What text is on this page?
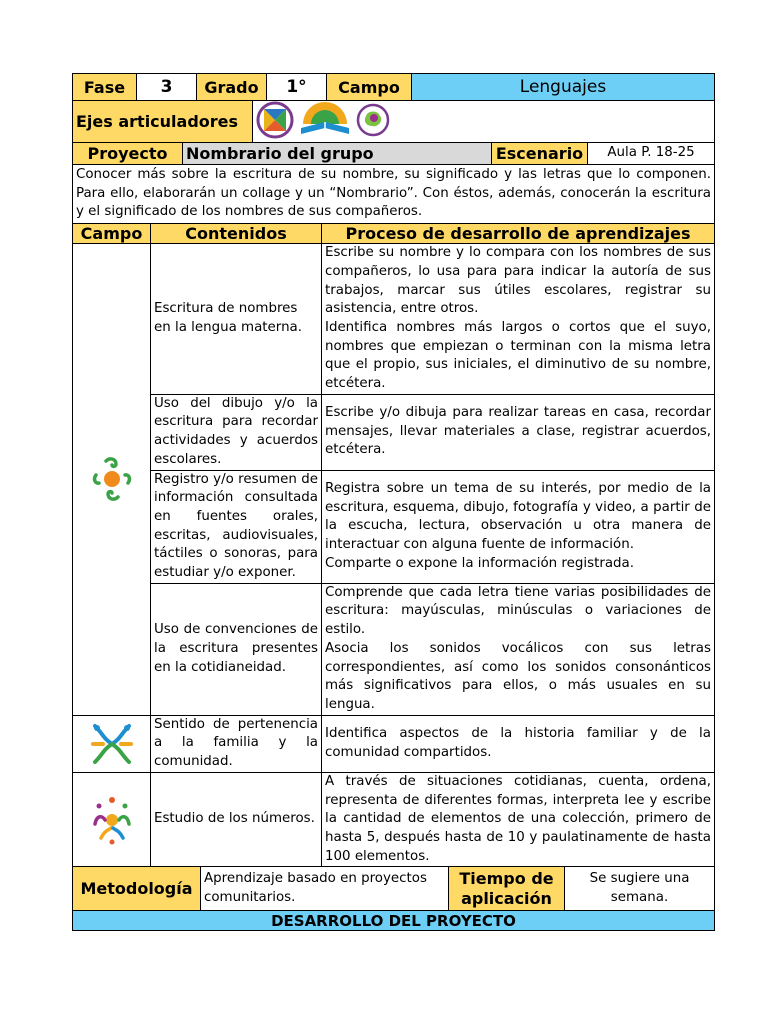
Fase	3	Grado	1°	Campo	Lenguajes
Ejes articuladores	
Proyecto	Nombrario del grupo	Escenario	Aula P. 18-25
Conocer más sobre la escritura de su nombre, su significado y las letras que lo componen. Para ello, elaborarán un collage y un “Nombrario”. Con éstos, además, conocerán la escritura y el significado de los nombres de sus compañeros.
Campo	Contenidos	Proceso de desarrollo de aprendizajes

	Escritura de nombres en la lengua materna.	Escribe su nombre y lo compara con los nombres de sus compañeros, lo usa para para indicar la autoría de sus trabajos, marcar sus útiles escolares, registrar su asistencia, entre otros.
Identifica nombres más largos o cortos que el suyo, nombres que empiezan o terminan con la misma letra que el propio, sus iniciales, el diminutivo de su nombre, etcétera.
	Uso del dibujo y/o la escritura para recordar actividades y acuerdos escolares.	Escribe y/o dibuja para realizar tareas en casa, recordar mensajes, llevar materiales a clase, registrar acuerdos, etcétera.
	Registro y/o resumen de información consultada en fuentes orales, escritas, audiovisuales, táctiles o sonoras, para estudiar y/o exponer.	Registra sobre un tema de su interés, por medio de la escritura, esquema, dibujo, fotografía y video, a partir de la escucha, lectura, observación u otra manera de interactuar con alguna fuente de información.
Comparte o expone la información registrada.
	Uso de convenciones de la escritura presentes en la cotidianeidad.	Comprende que cada letra tiene varias posibilidades de escritura: mayúsculas, minúsculas o variaciones de estilo.
Asocia los sonidos vocálicos con sus letras correspondientes, así como los sonidos consonánticos más significativos para ellos, o más usuales en su lengua.

	Sentido de pertenencia a la familia y la comunidad.	Identifica aspectos de la historia familiar y de la comunidad compartidos.

	Estudio de los números.	A través de situaciones cotidianas, cuenta, ordena, representa de diferentes formas, interpreta lee y escribe la cantidad de elementos de una colección, primero de hasta 5, después hasta de 10 y paulatinamente de hasta 100 elementos.
Metodología	Aprendizaje basado en proyectos comunitarios.	Tiempo de aplicación	Se sugiere una semana.
DESARROLLO DEL PROYECTO
